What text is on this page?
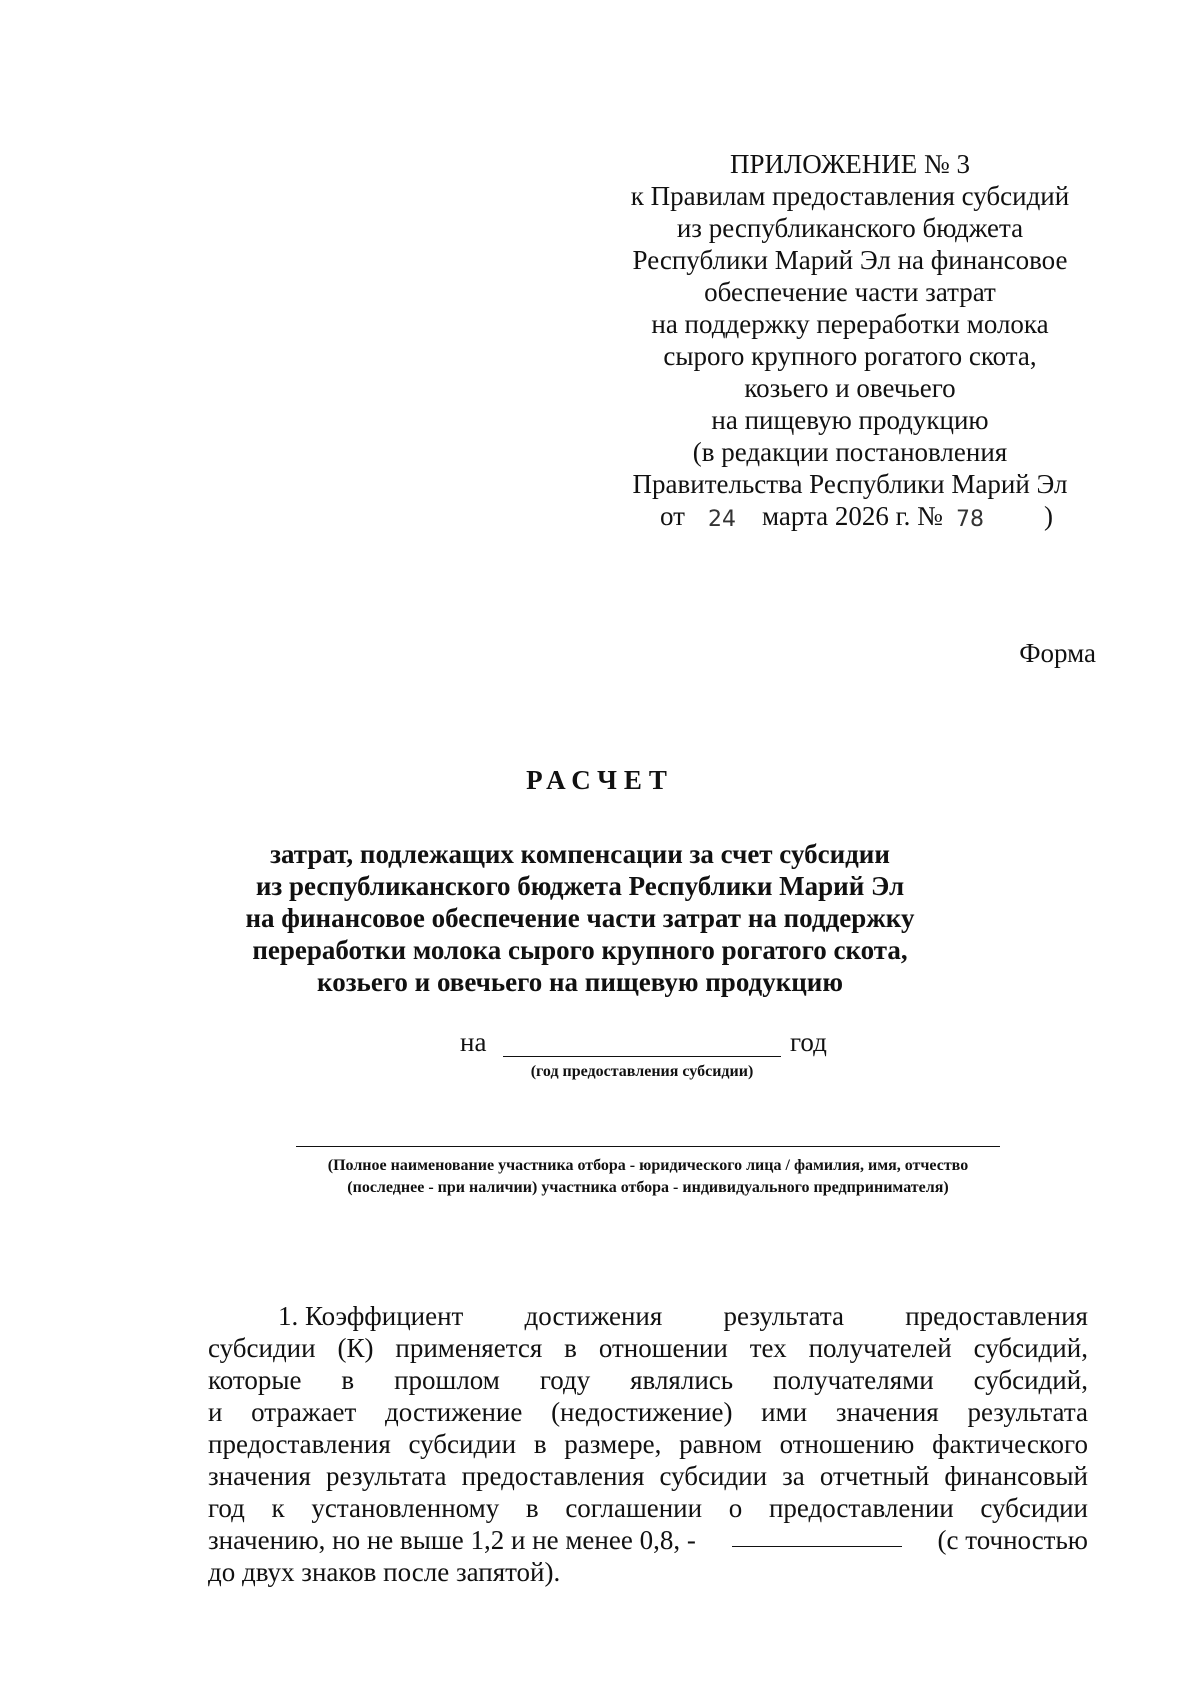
ПРИЛОЖЕНИЕ № 3
к Правилам предоставления субсидий
из республиканского бюджета
Республики Марий Эл на финансовое
обеспечение части затрат
на поддержку переработки молока
сырого крупного рогатого скота,
козьего и овечьего
на пищевую продукцию
(в редакции постановления
Правительства Республики Марий Эл
от 24 марта 2026 г. № 78 )
Форма
РАСЧЕТ
затрат, подлежащих компенсации за счет субсидии
из республиканского бюджета Республики Марий Эл
на финансовое обеспечение части затрат на поддержку
переработки молока сырого крупного рогатого скота,
козьего и овечьего на пищевую продукцию
на	год
(год предоставления субсидии)
(Полное наименование участника отбора - юридического лица / фамилия, имя, отчество
(последнее - при наличии) участника отбора - индивидуального предпринимателя)
1. Коэффициент достижения результата предоставления
субсидии (К) применяется в отношении тех получателей субсидий,
которые в прошлом году являлись получателями субсидий,
и отражает достижение (недостижение) ими значения результата
предоставления субсидии в размере, равном отношению фактического
значения результата предоставления субсидии за отчетный финансовый
год к установленному в соглашении о предоставлении субсидии
значению, но не выше 1,2 и не менее 0,8, -	(с точностью
до двух знаков после запятой).
